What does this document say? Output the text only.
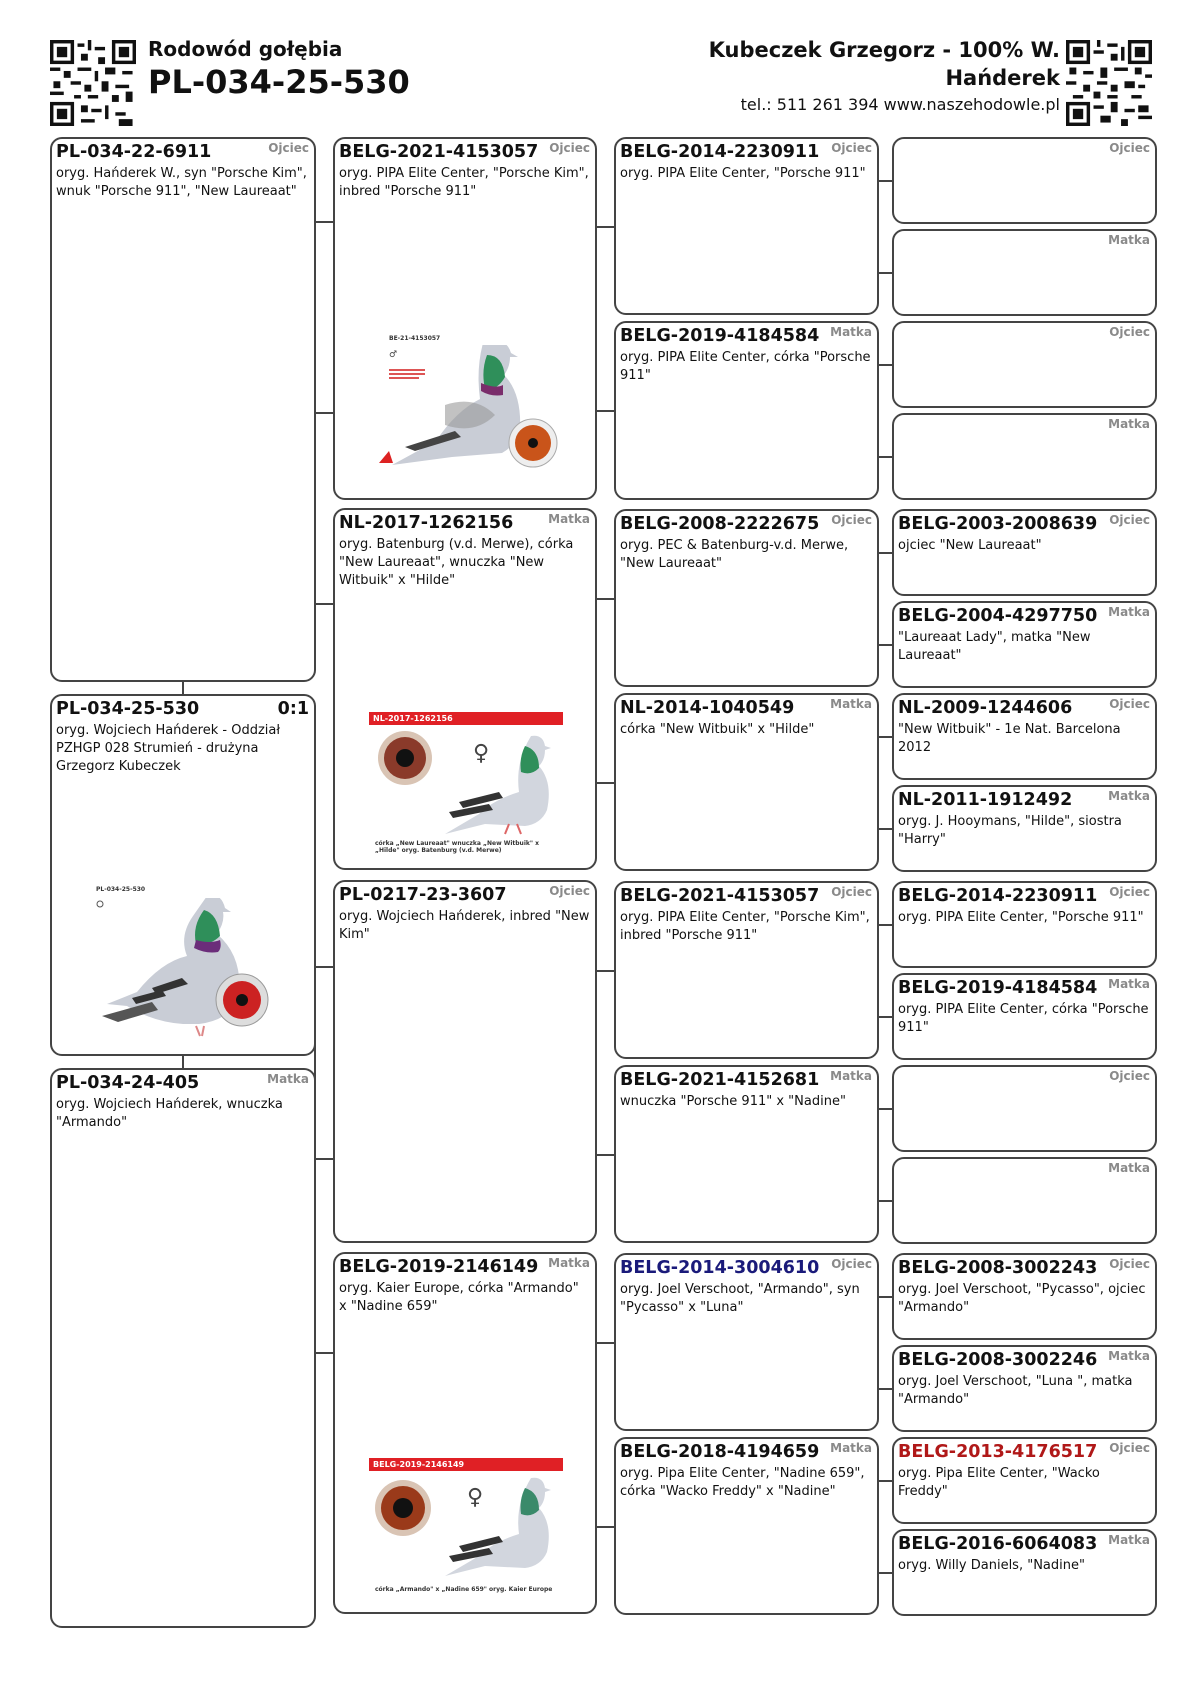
Rodowód gołębia
PL-034-25-530
Kubeczek Grzegorz - 100% W. Hańderek
tel.: 511 261 394 www.naszehodowle.pl
PL-034-22-6911	Ojciec
oryg. Hańderek W., syn "Porsche Kim", wnuk "Porsche 911", "New Laureaat"
PL-034-25-530	0:1
oryg. Wojciech Hańderek - Oddział PZHGP 028 Strumień - drużyna Grzegorz Kubeczek
PL-034-25-530
PL-034-24-405	Matka
oryg. Wojciech Hańderek, wnuczka "Armando"
BELG-2021-4153057 Ojciec
oryg. PIPA Elite Center, "Porsche Kim", inbred "Porsche 911"
BE-21-4153057
♂
NL-2017-1262156	Matka
oryg. Batenburg (v.d. Merwe), córka "New Laureaat", wnuczka "New Witbuik" x "Hilde"
NL-2017-1262156
♀
córka „New Laureaat" wnuczka „New Witbuik" x „Hilde" oryg. Batenburg (v.d. Merwe)
PL-0217-23-3607	Ojciec
oryg. Wojciech Hańderek, inbred "New Kim"
BELG-2019-2146149 Matka
oryg. Kaier Europe, córka "Armando" x "Nadine 659"
BELG-2019-2146149
♀
córka „Armando" x „Nadine 659" oryg. Kaier Europe
BELG-2014-2230911 Ojciec
oryg. PIPA Elite Center, "Porsche 911"
BELG-2019-4184584 Matka
oryg. PIPA Elite Center, córka "Porsche 911"
BELG-2008-2222675 Ojciec
oryg. PEC & Batenburg-v.d. Merwe, "New Laureaat"
NL-2014-1040549	Matka
córka "New Witbuik" x "Hilde"
BELG-2021-4153057 Ojciec
oryg. PIPA Elite Center, "Porsche Kim", inbred "Porsche 911"
BELG-2021-4152681 Matka
wnuczka "Porsche 911" x "Nadine"
BELG-2014-3004610 Ojciec
oryg. Joel Verschoot, "Armando", syn "Pycasso" x "Luna"
BELG-2018-4194659 Matka
oryg. Pipa Elite Center, "Nadine 659", córka "Wacko Freddy" x "Nadine"
Ojciec
Matka
Ojciec
Matka
BELG-2003-2008639 Ojciec
ojciec "New Laureaat"
BELG-2004-4297750 Matka
"Laureaat Lady", matka "New Laureaat"
NL-2009-1244606	Ojciec
"New Witbuik" - 1e Nat. Barcelona 2012
NL-2011-1912492	Matka
oryg. J. Hooymans, "Hilde", siostra "Harry"
BELG-2014-2230911 Ojciec
oryg. PIPA Elite Center, "Porsche 911"
BELG-2019-4184584 Matka
oryg. PIPA Elite Center, córka "Porsche 911"
Ojciec
Matka
BELG-2008-3002243 Ojciec
oryg. Joel Verschoot, "Pycasso", ojciec "Armando"
BELG-2008-3002246 Matka
oryg. Joel Verschoot, "Luna ", matka "Armando"
BELG-2013-4176517 Ojciec
oryg. Pipa Elite Center, "Wacko Freddy"
BELG-2016-6064083 Matka
oryg. Willy Daniels, "Nadine"
